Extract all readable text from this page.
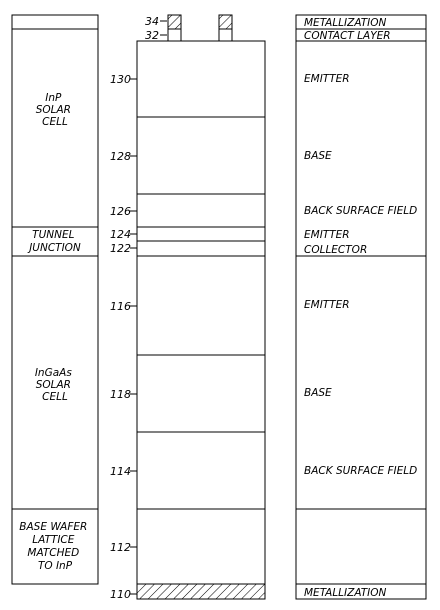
InP SOLAR CELL
TUNNEL JUNCTION
InGaAs SOLAR CELL
BASE WAFER LATTICE MATCHED TO InP
34
32
130
128
126
124
122
116
118
114
112
110
METALLIZATION
CONTACT LAYER
EMITTER
BASE
BACK SURFACE FIELD
EMITTER
COLLECTOR
EMITTER
BASE
BACK SURFACE FIELD
METALLIZATION
